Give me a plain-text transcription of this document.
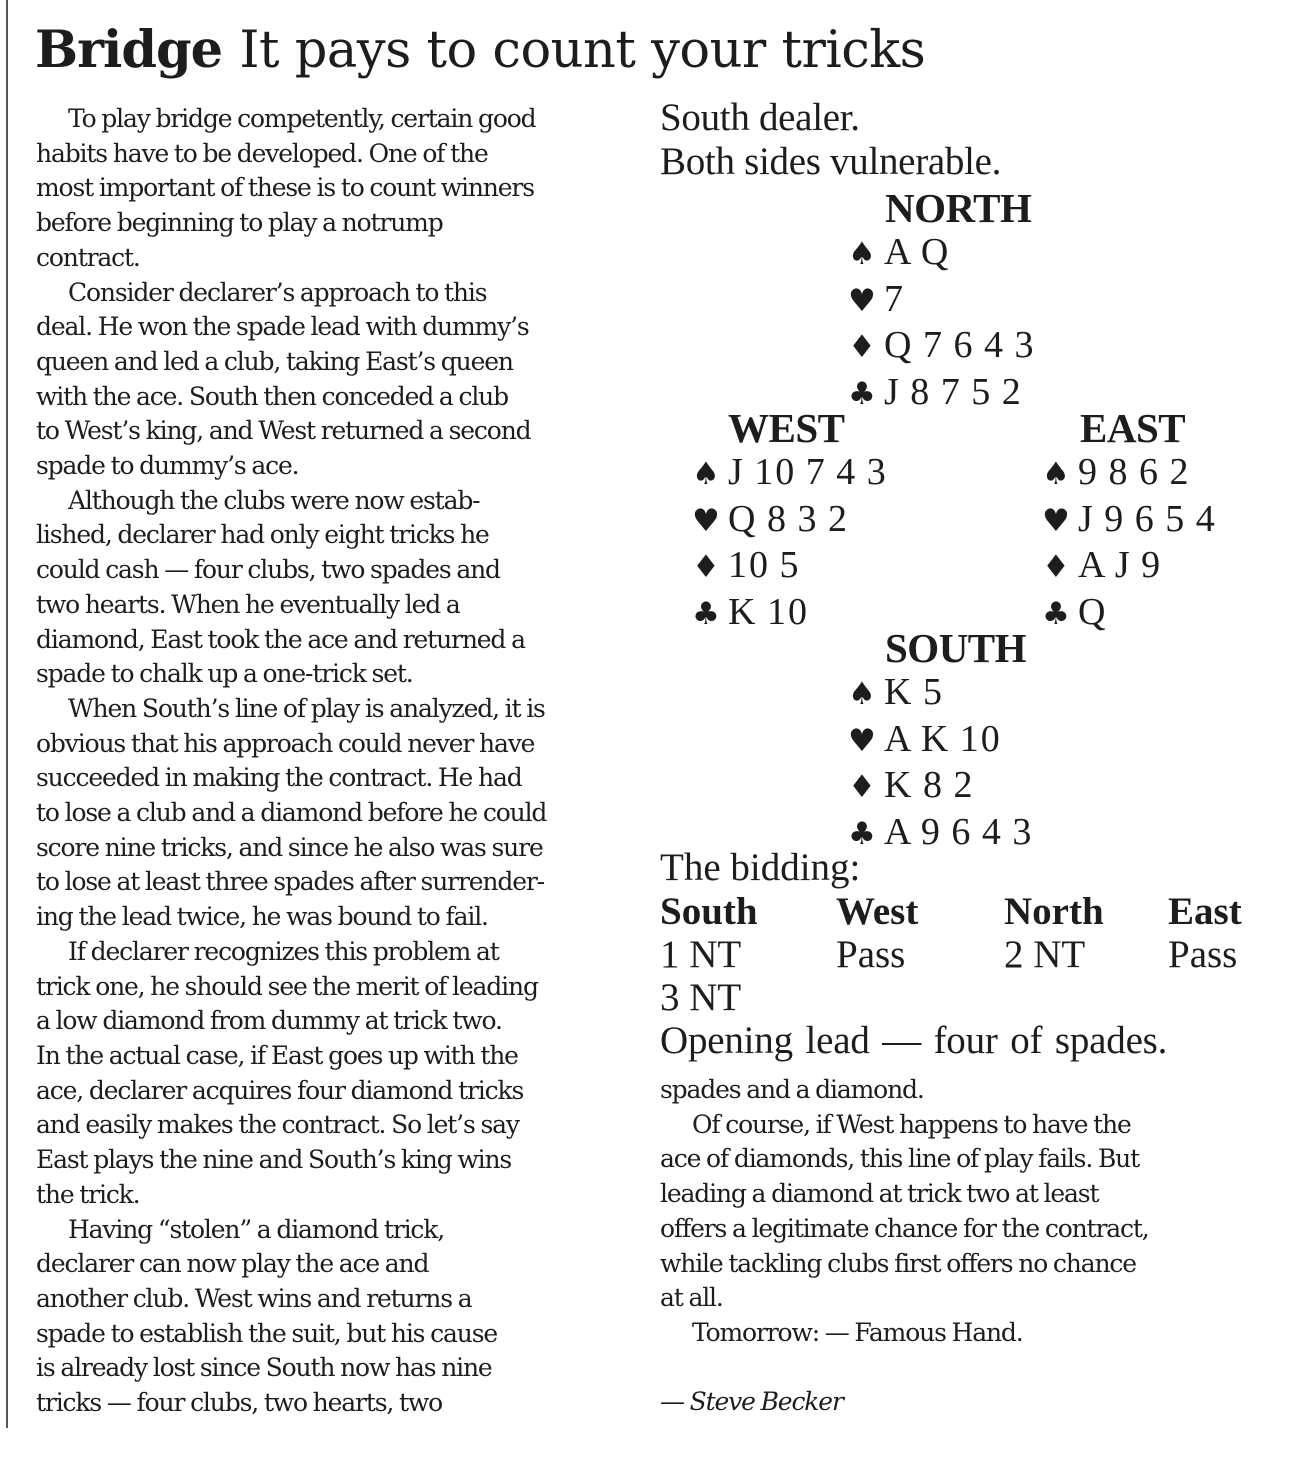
Bridge It pays to count your tricks
To play bridge competently, certain good
habits have to be developed. One of the
most important of these is to count winners
before beginning to play a notrump
contract.
Consider declarer’s approach to this
deal. He won the spade lead with dummy’s
queen and led a club, taking East’s queen
with the ace. South then conceded a club
to West’s king, and West returned a second
spade to dummy’s ace.
Although the clubs were now estab-
lished, declarer had only eight tricks he
could cash — four clubs, two spades and
two hearts. When he eventually led a
diamond, East took the ace and returned a
spade to chalk up a one-trick set.
When South’s line of play is analyzed, it is
obvious that his approach could never have
succeeded in making the contract. He had
to lose a club and a diamond before he could
score nine tricks, and since he also was sure
to lose at least three spades after surrender-
ing the lead twice, he was bound to fail.
If declarer recognizes this problem at
trick one, he should see the merit of leading
a low diamond from dummy at trick two.
In the actual case, if East goes up with the
ace, declarer acquires four diamond tricks
and easily makes the contract. So let’s say
East plays the nine and South’s king wins
the trick.
Having “stolen” a diamond trick,
declarer can now play the ace and
another club. West wins and returns a
spade to establish the suit, but his cause
is already lost since South now has nine
tricks — four clubs, two hearts, two
South dealer.
Both sides vulnerable.
NORTH
♠ A Q
♥ 7
♦ Q 7 6 4 3
♣ J 8 7 5 2
WEST
♠ J 10 7 4 3
♥ Q 8 3 2
♦ 10 5
♣ K 10
EAST
♠ 9 8 6 2
♥ J 9 6 5 4
♦ A J 9
♣ Q
SOUTH
♠ K 5
♥ A K 10
♦ K 8 2
♣ A 9 6 4 3
The bidding:
South	West	North	East
1 NT	Pass	2 NT	Pass
3 NT			
Opening lead — four of spades.
spades and a diamond.
Of course, if West happens to have the
ace of diamonds, this line of play fails. But
leading a diamond at trick two at least
offers a legitimate chance for the contract,
while tackling clubs first offers no chance
at all.
Tomorrow: — Famous Hand.
— Steve Becker
